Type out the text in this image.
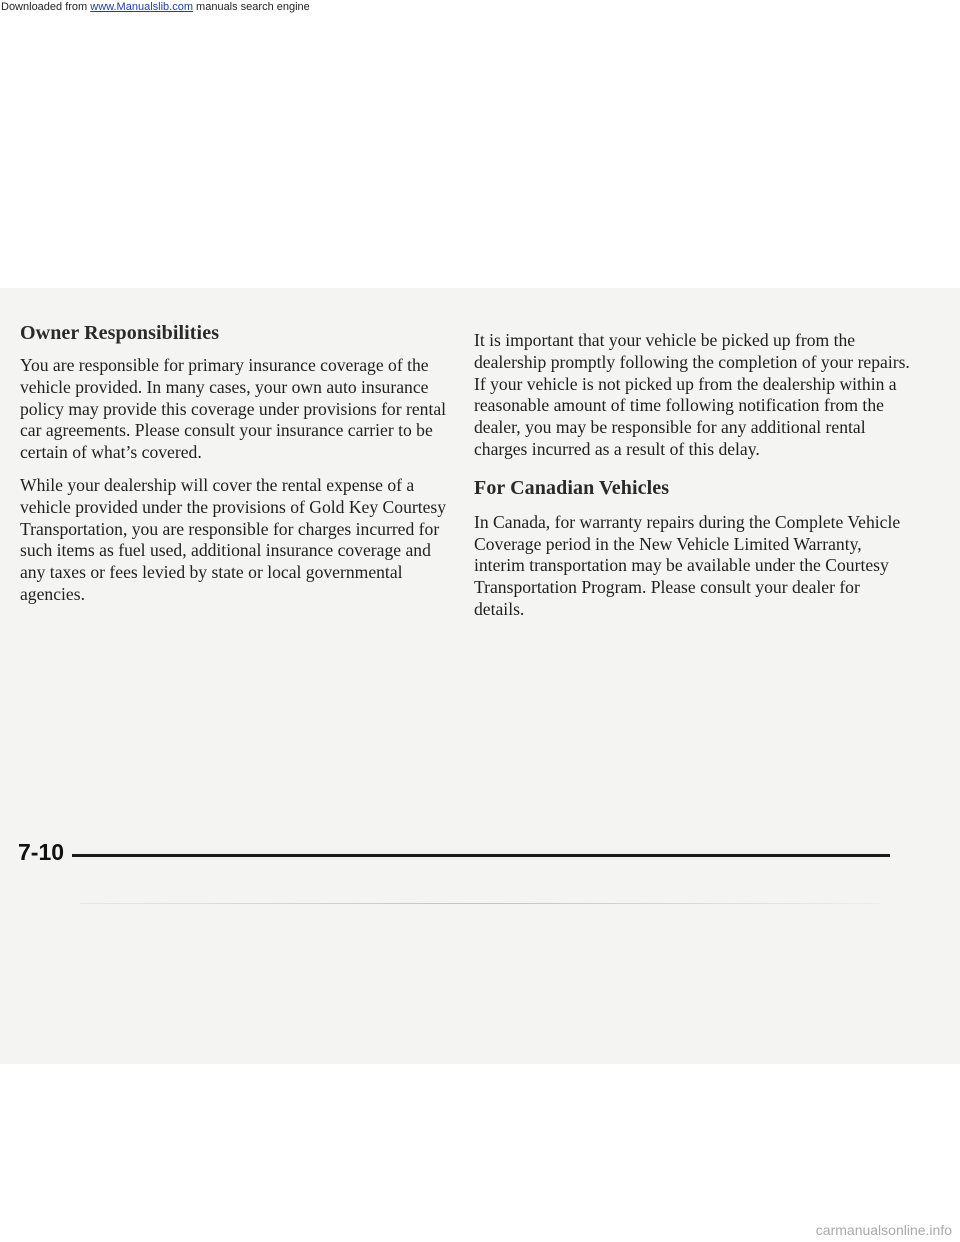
Downloaded from www.Manualslib.com manuals search engine
Owner Responsibilities

You are responsible for primary insurance coverage of the vehicle provided. In many cases, your own auto insurance policy may provide this coverage under provisions for rental car agreements. Please consult your insurance carrier to be certain of what’s covered.

While your dealership will cover the rental expense of a vehicle provided under the provisions of Gold Key Courtesy Transportation, you are responsible for charges incurred for such items as fuel used, additional insurance coverage and any taxes or fees levied by state or local governmental agencies.

It is important that your vehicle be picked up from the dealership promptly following the completion of your repairs. If your vehicle is not picked up from the dealership within a reasonable amount of time following notification from the dealer, you may be responsible for any additional rental charges incurred as a result of this delay.

For Canadian Vehicles

In Canada, for warranty repairs during the Complete Vehicle Coverage period in the New Vehicle Limited Warranty, interim transportation may be available under the Courtesy Transportation Program. Please consult your dealer for details.

7-10
carmanualsonline.info
